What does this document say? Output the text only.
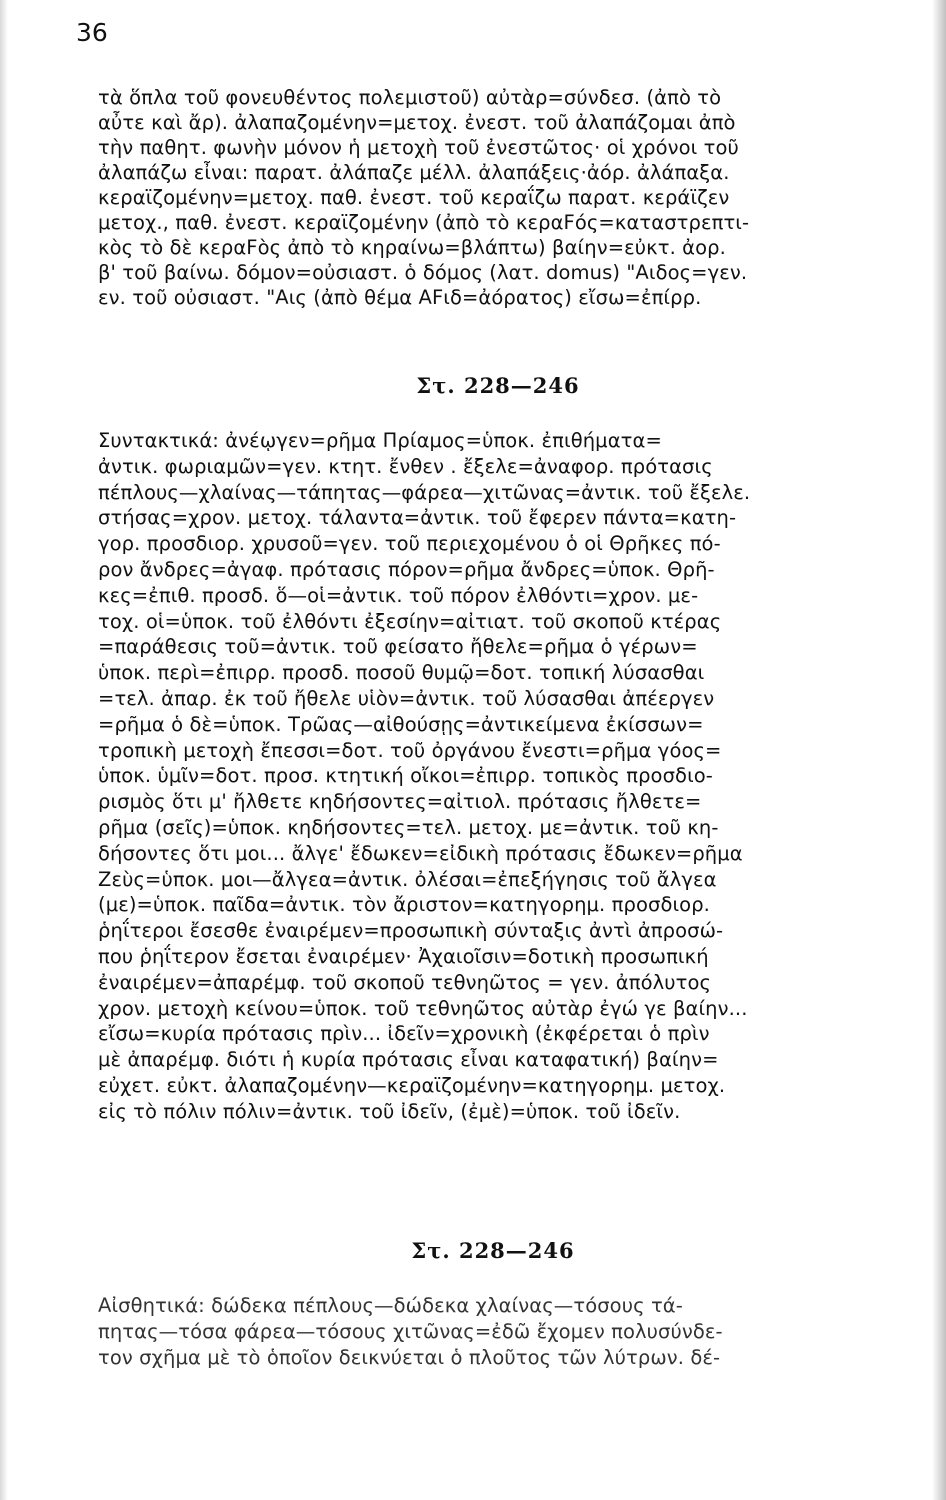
36
τὰ ὅπλα τοῦ φονευθέντος πολεμιστοῦ) αὐτὰρ=σύνδεσ. (ἀπὸ τὸ
αὖτε καὶ ἄρ). ἀλαπαζομένην=μετοχ. ἐνεστ. τοῦ ἀλαπάζομαι ἀπὸ
τὴν παθητ. φωνὴν μόνον ἡ μετοχὴ τοῦ ἐνεστῶτος· οἱ χρόνοι τοῦ
ἀλαπάζω εἶναι: παρατ. ἀλάπαζε μέλλ. ἀλαπάξεις·ἀόρ. ἀλάπαξα.
κεραϊζομένην=μετοχ. παθ. ἐνεστ. τοῦ κεραΐζω παρατ. κεράϊζεν
μετοχ., παθ. ἐνεστ. κεραϊζομένην (ἀπὸ τὸ κεραFός=καταστρεπτι-
κὸς τὸ δὲ κεραFὸς ἀπὸ τὸ κηραίνω=βλάπτω) βαίην=εὐκτ. ἀορ.
β' τοῦ βαίνω. δόμον=οὐσιαστ. ὁ δόμος (λατ. domus) "Αιδος=γεν.
εν. τοῦ οὐσιαστ. "Αις (ἀπὸ θέμα ΑFιδ=ἀόρατος) εἴσω=ἐπίρρ.
Στ. 228—246
Συντακτικά: ἀνέῳγεν=ρῆμα Πρίαμος=ὑποκ. ἐπιθήματα=
ἀντικ. φωριαμῶν=γεν. κτητ. ἔνθεν . ἔξελε=ἀναφορ. πρότασις
πέπλους—χλαίνας—τάπητας—φάρεα—χιτῶνας=ἀντικ. τοῦ ἔξελε.
στήσας=χρον. μετοχ. τάλαντα=ἀντικ. τοῦ ἔφερεν πάντα=κατη-
γορ. προσδιορ. χρυσοῦ=γεν. τοῦ περιεχομένου ὁ οἱ Θρῆκες πό-
ρον ἄνδρες=ἀγαφ. πρότασις πόρον=ρῆμα ἄνδρες=ὑποκ. Θρῆ-
κες=ἐπιθ. προσδ. ὅ—οἱ=ἀντικ. τοῦ πόρον ἐλθόντι=χρον. με-
τοχ. οἱ=ὑποκ. τοῦ ἐλθόντι ἐξεσίην=αἰτιατ. τοῦ σκοποῦ κτέρας
=παράθεσις τοῦ=ἀντικ. τοῦ φείσατο ἤθελε=ρῆμα ὁ γέρων=
ὑποκ. περὶ=ἐπιρρ. προσδ. ποσοῦ θυμῷ=δοτ. τοπική λύσασθαι
=τελ. ἀπαρ. ἐκ τοῦ ἤθελε υἱὸν=ἀντικ. τοῦ λύσασθαι ἀπέεργεν
=ρῆμα ὁ δὲ=ὑποκ. Τρῶας—αἰθούσῃς=ἀντικείμενα ἐκίσσων=
τροπικὴ μετοχὴ ἔπεσσι=δοτ. τοῦ ὀργάνου ἔνεστι=ρῆμα γόος=
ὑποκ. ὑμῖν=δοτ. προσ. κτητική οἴκοι=ἐπιρρ. τοπικὸς προσδιο-
ρισμὸς ὅτι μ' ἤλθετε κηδήσοντες=αἰτιολ. πρότασις ἤλθετε=
ρῆμα (σεῖς)=ὑποκ. κηδήσοντες=τελ. μετοχ. με=ἀντικ. τοῦ κη-
δήσοντες ὅτι μοι... ἄλγε' ἔδωκεν=εἰδικὴ πρότασις ἔδωκεν=ρῆμα
Ζεὺς=ὑποκ. μοι—ἄλγεα=ἀντικ. ὀλέσαι=ἐπεξήγησις τοῦ ἄλγεα
(με)=ὑποκ. παῖδα=ἀντικ. τὸν ἄριστον=κατηγορημ. προσδιορ.
ῥηΐτεροι ἔσεσθε ἐναιρέμεν=προσωπικὴ σύνταξις ἀντὶ ἀπροσώ-
που ῥηΐτερον ἔσεται ἐναιρέμεν· Ἀχαιοῖσιν=δοτικὴ προσωπική
ἐναιρέμεν=ἀπαρέμφ. τοῦ σκοποῦ τεθνηῶτος = γεν. ἀπόλυτος
χρον. μετοχὴ κείνου=ὑποκ. τοῦ τεθνηῶτος αὐτὰρ ἐγώ γε βαίην...
εἴσω=κυρία πρότασις πρὶν... ἰδεῖν=χρονικὴ (ἐκφέρεται ὁ πρὶν
μὲ ἀπαρέμφ. διότι ἡ κυρία πρότασις εἶναι καταφατική) βαίην=
εὐχετ. εὐκτ. ἀλαπαζομένην—κεραϊζομένην=κατηγορημ. μετοχ.
εἰς τὸ πόλιν πόλιν=ἀντικ. τοῦ ἰδεῖν, (ἐμὲ)=ὑποκ. τοῦ ἰδεῖν.
Στ. 228—246
Αἰσθητικά: δώδεκα πέπλους—δώδεκα χλαίνας—τόσους τά-
πητας—τόσα φάρεα—τόσους χιτῶνας=ἐδῶ ἔχομεν πολυσύνδε-
τον σχῆμα μὲ τὸ ὁποῖον δεικνύεται ὁ πλοῦτος τῶν λύτρων. δέ-
